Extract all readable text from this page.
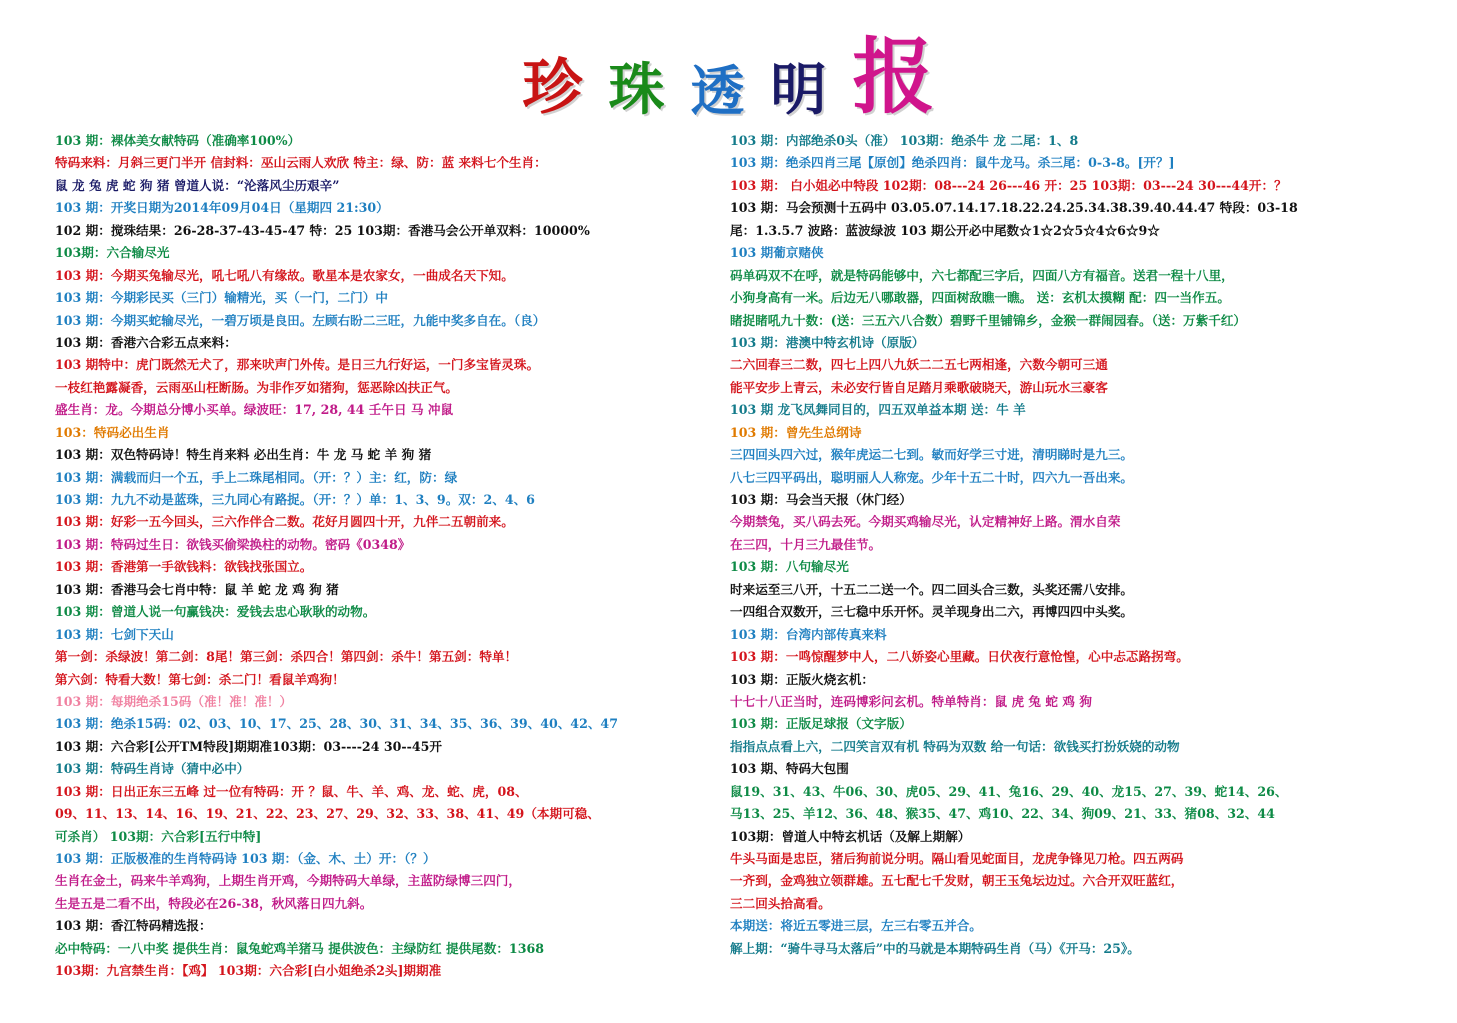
珍 珠 透 明 报
103 期：裸体美女献特码（准确率100%）
特码来料：月斜三更门半开 信封料：巫山云雨人欢欣 特主：绿、防：蓝 来料七个生肖：
鼠 龙 兔 虎 蛇 狗 猪 曾道人说：“沦落风尘历艰辛”
103 期：开奖日期为2014年09月04日（星期四 21:30）
102 期：搅珠结果：26-28-37-43-45-47 特：25 103期：香港马会公开单双料：10000%
103期：六合输尽光
103 期：今期买兔输尽光，吼七吼八有缘故。歌星本是农家女，一曲成名天下知。
103 期：今期彩民买（三门）输精光，买（一门，二门）中
103 期：今期买蛇输尽光，一碧万顷是良田。左顾右盼二三旺，九能中奖多自在。（良）
103 期：香港六合彩五点来料：
103 期特中：虎门既然无犬了，那来吠声门外传。是日三九行好运，一门多宝皆灵珠。
一枝红艳露凝香，云雨巫山枉断肠。为非作歹如猪狗，惩恶除凶扶正气。
盛生肖：龙。今期总分博小买单。绿波旺：17, 28, 44 壬午日 马 冲鼠
103：特码必出生肖
103 期：双色特码诗！特生肖来料 必出生肖：牛 龙 马 蛇 羊 狗 猪
103 期：满载而归一个五，手上二珠尾相同。（开：？）主：红，防：绿
103 期：九九不动是蓝珠，三九同心有路捉。（开：？）单：1、3、9。双：2、4、6
103 期：好彩一五今回头，三六作伴合二数。花好月圆四十开，九伴二五朝前来。
103 期：特码过生日：欲钱买偷梁换柱的动物。密码《0348》
103 期：香港第一手欲钱料：欲钱找张国立。
103 期：香港马会七肖中特：鼠 羊 蛇 龙 鸡 狗 猪
103 期：曾道人说一句赢钱决：爱钱去忠心耿耿的动物。
103 期：七剑下天山
第一剑：杀绿波！第二剑：8尾！第三剑：杀四合！第四剑：杀牛！第五剑：特单！
第六剑：特看大数！第七剑：杀二门！看鼠羊鸡狗！
103 期：每期绝杀15码（准！准！准！）
103 期：绝杀15码：02、03、10、17、25、28、30、31、34、35、36、39、40、42、47
103 期：六合彩[公开TM特段]期期准103期：03----24 30--45开
103 期：特码生肖诗（猜中必中）
103 期：日出正东三五峰 过一位有特码：开 ？鼠、牛、羊、鸡、龙、蛇、虎，08、
09、11、13、14、16、19、21、22、23、27、29、32、33、38、41、49（本期可稳、
可杀肖） 103期：六合彩[五行中特]
103 期：正版极准的生肖特码诗 103 期：（金、木、土）开：（？）
生肖在金土，码来牛羊鸡狗，上期生肖开鸡，今期特码大单绿，主蓝防绿博三四门，
生是五是二看不出，特段必在26-38，秋风落日四九斜。
103 期：香江特码精选报：
必中特码：一八中奖 提供生肖：鼠兔蛇鸡羊猪马 提供波色：主绿防红 提供尾数：1368
103期：九宫禁生肖：【鸡】 103期：六合彩[白小姐绝杀2头]期期准
103 期：内部绝杀0头（准） 103期：绝杀牛 龙 二尾：1、8
103 期：绝杀四肖三尾【原创】绝杀四肖：鼠牛龙马。杀三尾：0-3-8。[开？]
103 期： 白小姐必中特段 102期：08---24 26---46 开：25 103期：03---24 30---44开：？
103 期：马会预测十五码中 03.05.07.14.17.18.22.24.25.34.38.39.40.44.47 特段：03-18
尾：1.3.5.7 波路：蓝波绿波 103 期公开必中尾数☆1☆2☆5☆4☆6☆9☆
103 期葡京赌侠
码单码双不在呼，就是特码能够中，六七都配三字后，四面八方有福音。送君一程十八里，
小狗身高有一米。后边无八哪敢器，四面树敌瞧一瞧。 送：玄机太摸糊 配：四一当作五。
睹捉睹吼九十数：(送：三五六八合数）碧野千里铺锦乡，金猴一群闹园春。（送：万紫千红）
103 期：港澳中特玄机诗（原版）
二六回春三二数，四七上四八九妖二二五七两相逢，六数今朝可三通
能平安步上青云，未必安行皆自足踏月乘歌破晓天，游山玩水三豪客
103 期 龙飞凤舞同目的，四五双单益本期 送：牛 羊
103 期：曾先生总纲诗
三四回头四六过，猴年虎运二七到。敏而好学三寸进，清明睇时是九三。
八七三四平码出，聪明丽人人称宠。少年十五二十时，四六九一吾出来。
103 期：马会当天报（休门经）
今期禁兔，买八码去死。今期买鸡输尽光，认定精神好上路。渭水自荣
在三四，十月三九最佳节。
103 期：八句输尽光
时来运至三八开，十五二二送一个。四二回头合三数，头奖还需八安排。
一四组合双数开，三七稳中乐开怀。灵羊现身出二六，再博四四中头奖。
103 期：台湾内部传真来料
103 期：一鸣惊醒梦中人，二八娇姿心里藏。日伏夜行意怆惶，心中忐忑路拐弯。
103 期：正版火烧玄机：
十七十八正当时，连码博彩问玄机。特单特肖：鼠 虎 兔 蛇 鸡 狗
103 期：正版足球报（文字版）
指指点点看上六，二四笑言双有机 特码为双数 给一句话：欲钱买打扮妖娆的动物
103 期、特码大包围
鼠19、31、43、牛06、30、虎05、29、41、兔16、29、40、龙15、27、39、蛇14、26、
马13、25、羊12、36、48、猴35、47、鸡10、22、34、狗09、21、33、猪08、32、44
103期：曾道人中特玄机话（及解上期解）
牛头马面是忠臣，猪后狗前说分明。隔山看见蛇面目，龙虎争锋见刀枪。四五两码
一齐到，金鸡独立领群雄。五七配七千发财，朝王玉兔坛边过。六合开双旺蓝红，
三二回头拾高看。
本期送：将近五零进三层，左三右零五并合。
解上期：“骑牛寻马太落后”中的马就是本期特码生肖（马）《开马：25》。
